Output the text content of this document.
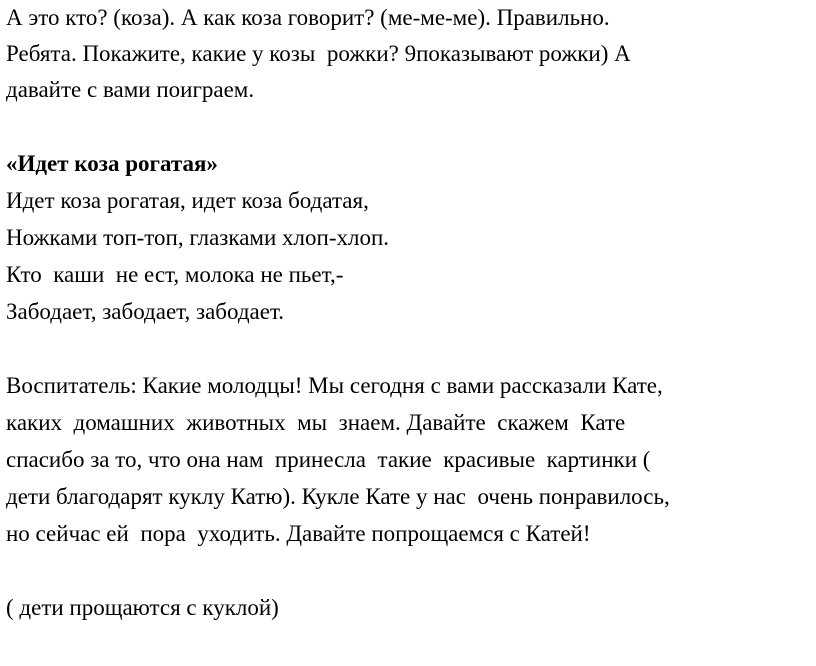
А это кто? (коза). А как коза говорит? (ме-ме-ме). Правильно.
Ребята. Покажите, какие у козы  рожки? 9показывают рожки) А
давайте с вами поиграем.
«Идет коза рогатая»
Идет коза рогатая, идет коза бодатая,
Ножками топ-топ, глазками хлоп-хлоп.
Кто  каши  не ест, молока не пьет,-
Забодает, забодает, забодает.
Воспитатель: Какие молодцы! Мы сегодня с вами рассказали Кате,
каких  домашних  животных  мы  знаем. Давайте  скажем  Кате
спасибо за то, что она нам  принесла  такие  красивые  картинки (
дети благодарят куклу Катю). Кукле Кате у нас  очень понравилось,
но сейчас ей  пора  уходить. Давайте попрощаемся с Катей!
( дети прощаются с куклой)
